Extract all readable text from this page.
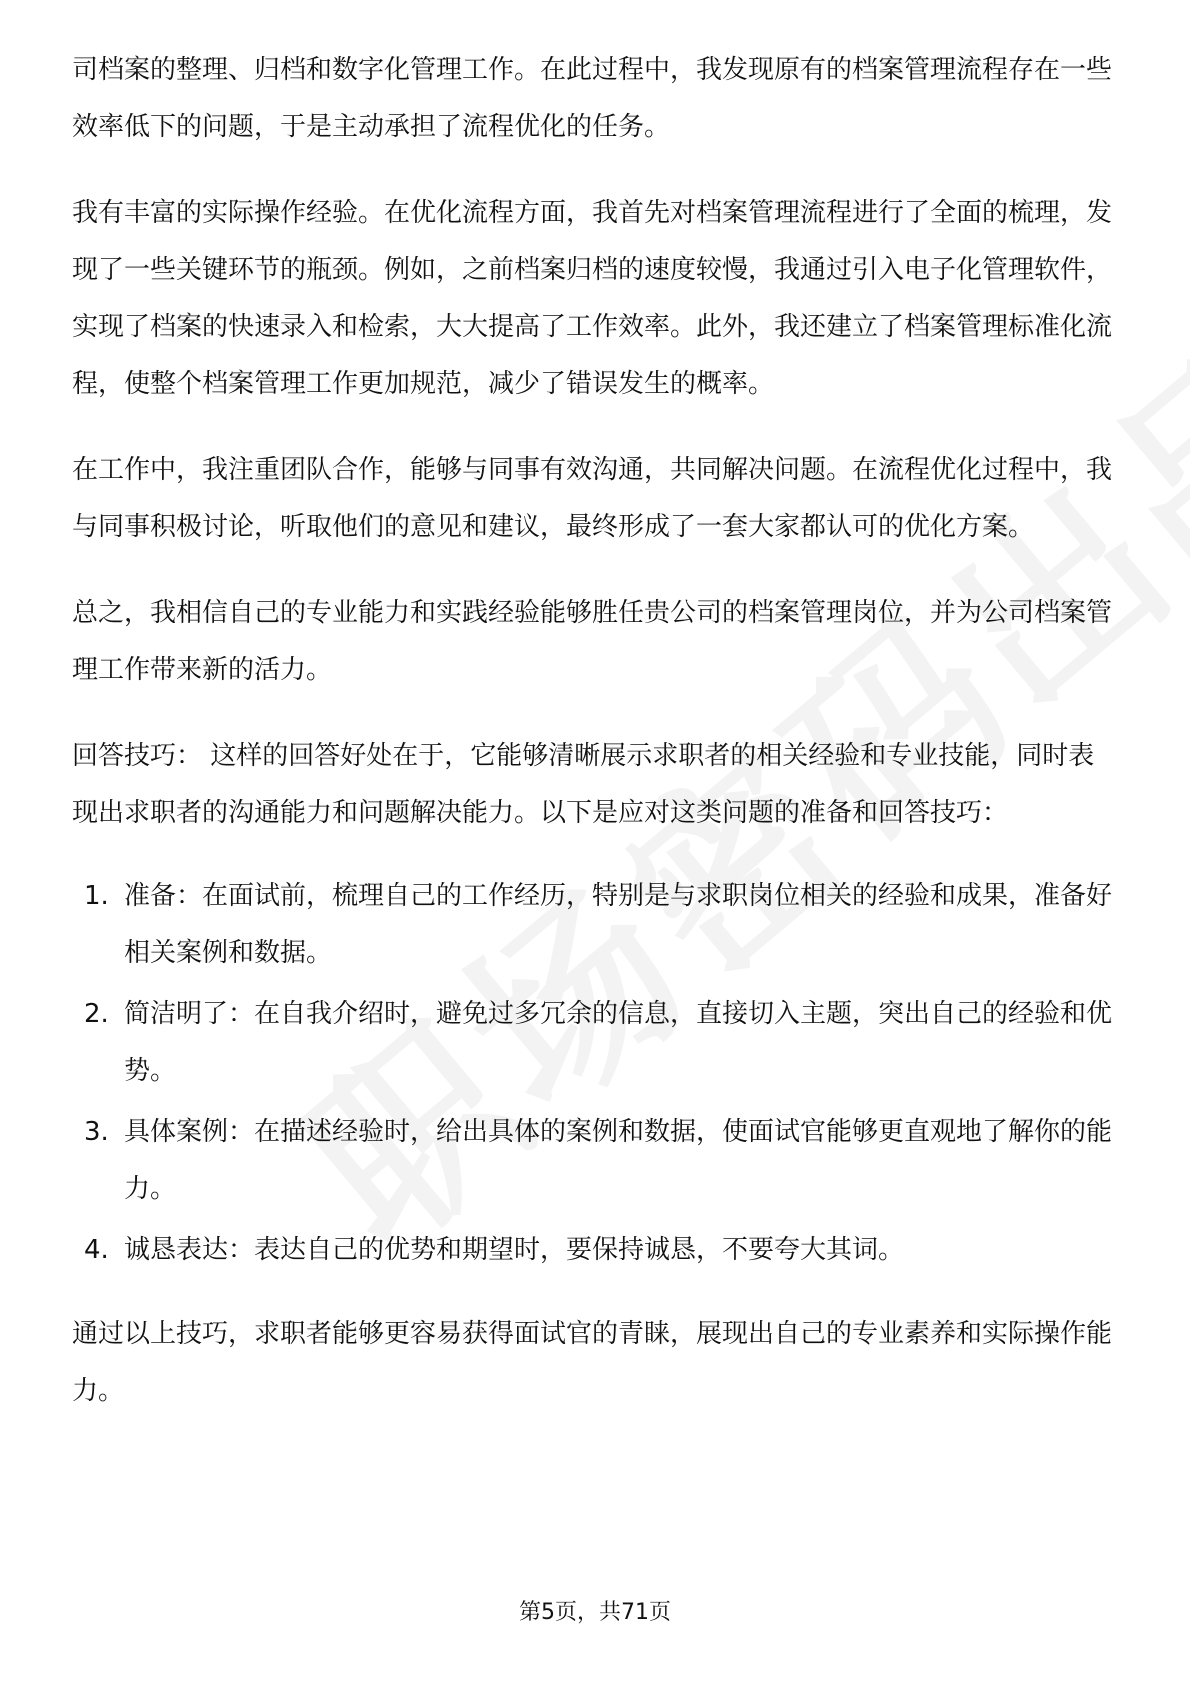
司档案的整理、归档和数字化管理工作。在此过程中，我发现原有的档案管理流程存在一些效率低下的问题，于是主动承担了流程优化的任务。

我有丰富的实际操作经验。在优化流程方面，我首先对档案管理流程进行了全面的梳理，发现了一些关键环节的瓶颈。例如，之前档案归档的速度较慢，我通过引入电子化管理软件，实现了档案的快速录入和检索，大大提高了工作效率。此外，我还建立了档案管理标准化流程，使整个档案管理工作更加规范，减少了错误发生的概率。

在工作中，我注重团队合作，能够与同事有效沟通，共同解决问题。在流程优化过程中，我与同事积极讨论，听取他们的意见和建议，最终形成了一套大家都认可的优化方案。

总之，我相信自己的专业能力和实践经验能够胜任贵公司的档案管理岗位，并为公司档案管理工作带来新的活力。

回答技巧： 这样的回答好处在于，它能够清晰展示求职者的相关经验和专业技能，同时表现出求职者的沟通能力和问题解决能力。以下是应对这类问题的准备和回答技巧：

1. 准备：在面试前，梳理自己的工作经历，特别是与求职岗位相关的经验和成果，准备好相关案例和数据。
2. 简洁明了：在自我介绍时，避免过多冗余的信息，直接切入主题，突出自己的经验和优势。
3. 具体案例：在描述经验时，给出具体的案例和数据，使面试官能够更直观地了解你的能力。
4. 诚恳表达：表达自己的优势和期望时，要保持诚恳，不要夸大其词。

通过以上技巧，求职者能够更容易获得面试官的青睐，展现出自己的专业素养和实际操作能力。

第5页，共71页
